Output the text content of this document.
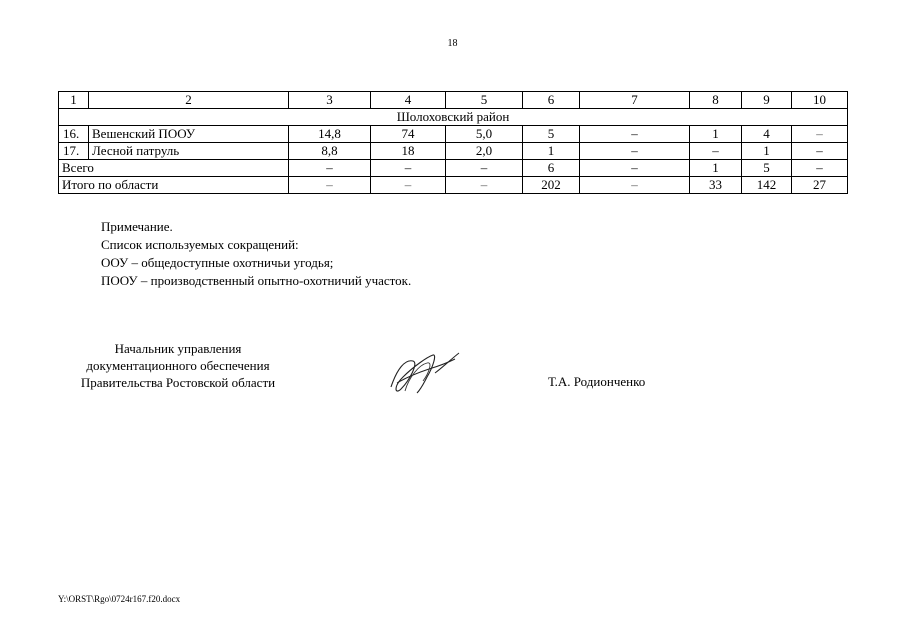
18
1	2	3	4	5	6	7	8	9	10
Шолоховский район									
16.	Вешенский ПООУ	14,8	74	5,0	5	–	1	4	–
17.	Лесной патруль	8,8	18	2,0	1	–	–	1	–
Всего		–	–	–	6	–	1	5	–
Итого по области		–	–	–	202	–	33	142	27
Примечание.
Список используемых сокращений:
ООУ – общедоступные охотничьи угодья;
ПООУ – производственный опытно-охотничий участок.
Начальник управления
документационного обеспечения
Правительства Ростовской области	Т.А. Родионченко
Y:\ORST\Rgo\0724r167.f20.docx
